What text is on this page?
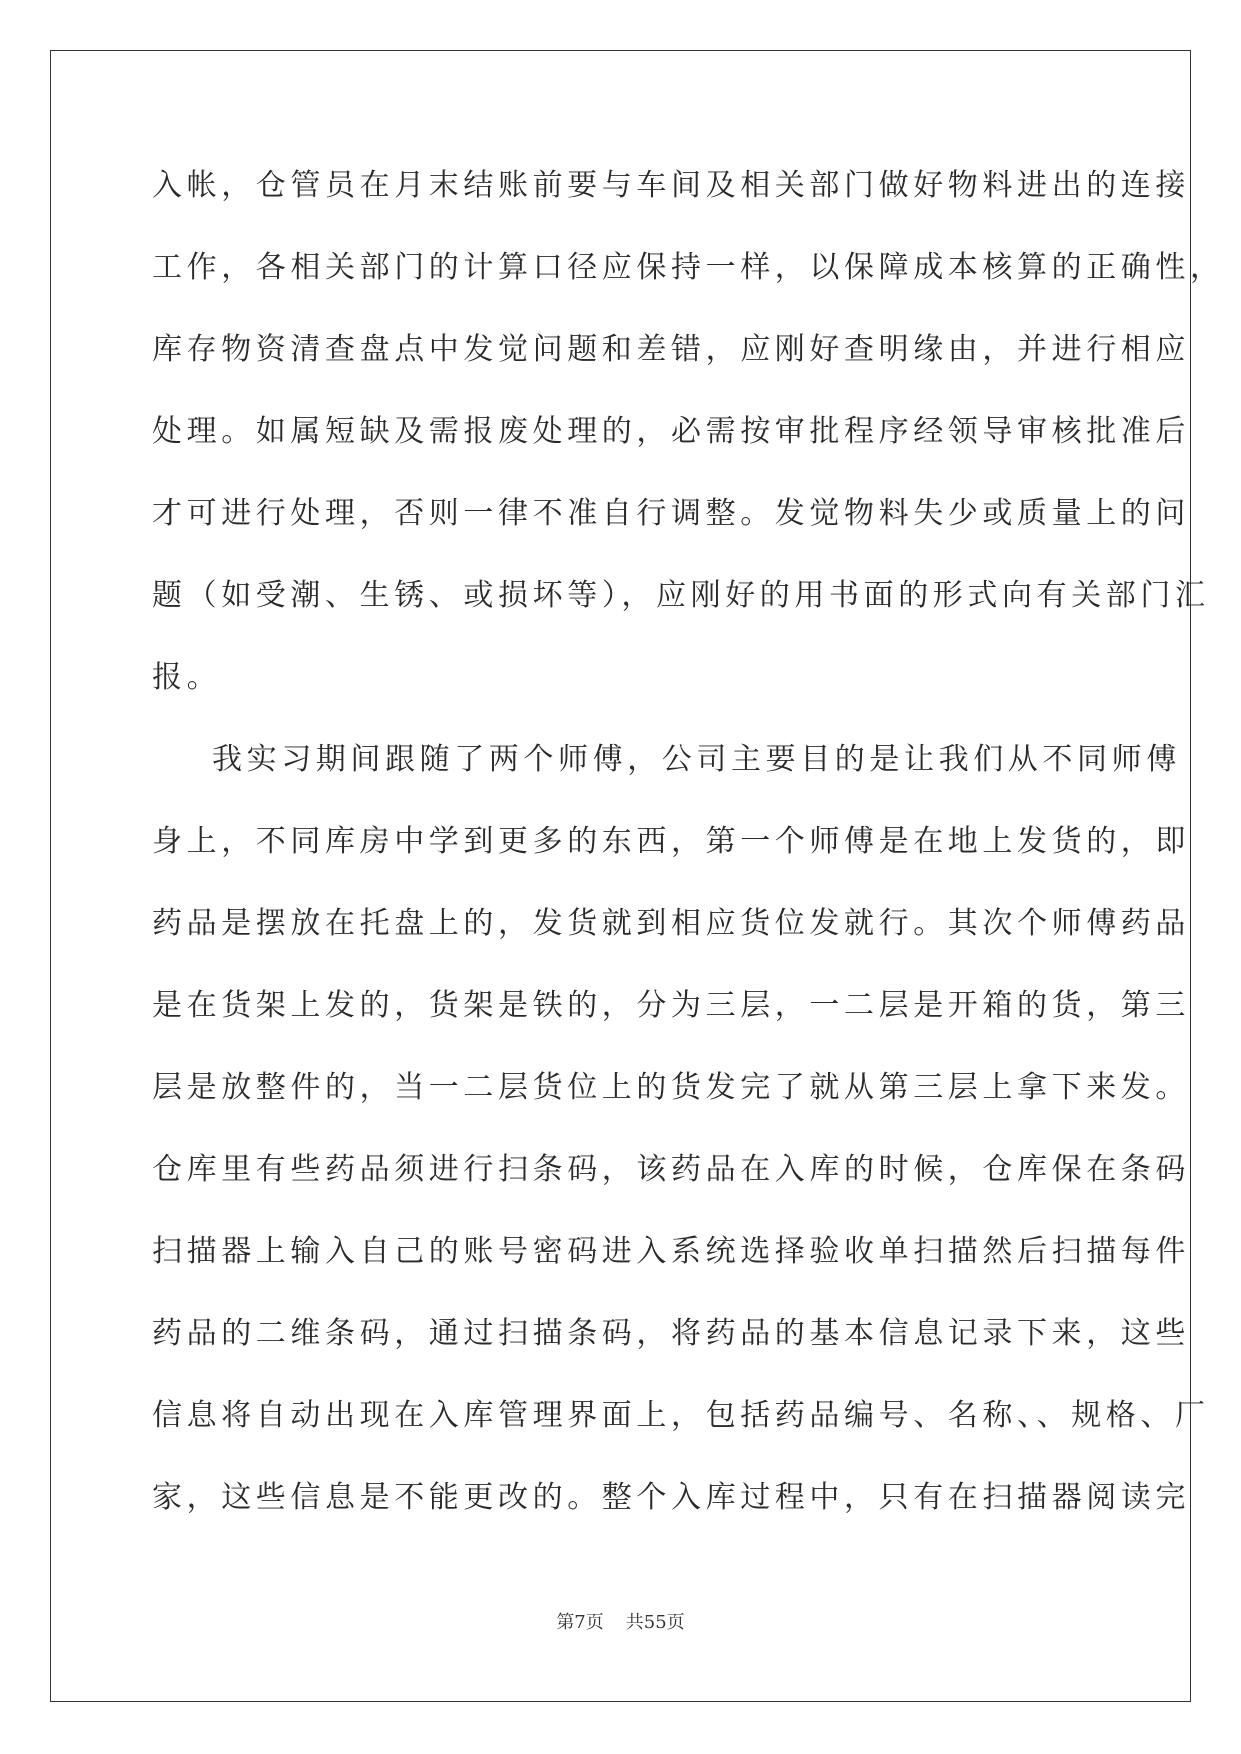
入帐，仓管员在月末结账前要与车间及相关部门做好物料进出的连接
工作，各相关部门的计算口径应保持一样，以保障成本核算的正确性，
库存物资清查盘点中发觉问题和差错，应刚好查明缘由，并进行相应
处理。如属短缺及需报废处理的，必需按审批程序经领导审核批准后
才可进行处理，否则一律不准自行调整。发觉物料失少或质量上的问
题（如受潮、生锈、或损坏等），应刚好的用书面的形式向有关部门汇
报。
我实习期间跟随了两个师傅，公司主要目的是让我们从不同师傅
身上，不同库房中学到更多的东西，第一个师傅是在地上发货的，即
药品是摆放在托盘上的，发货就到相应货位发就行。其次个师傅药品
是在货架上发的，货架是铁的，分为三层，一二层是开箱的货，第三
层是放整件的，当一二层货位上的货发完了就从第三层上拿下来发。
仓库里有些药品须进行扫条码，该药品在入库的时候，仓库保在条码
扫描器上输入自己的账号密码进入系统选择验收单扫描然后扫描每件
药品的二维条码，通过扫描条码，将药品的基本信息记录下来，这些
信息将自动出现在入库管理界面上，包括药品编号、名称、、规格、厂
家，这些信息是不能更改的。整个入库过程中，只有在扫描器阅读完
第7页 共55页
